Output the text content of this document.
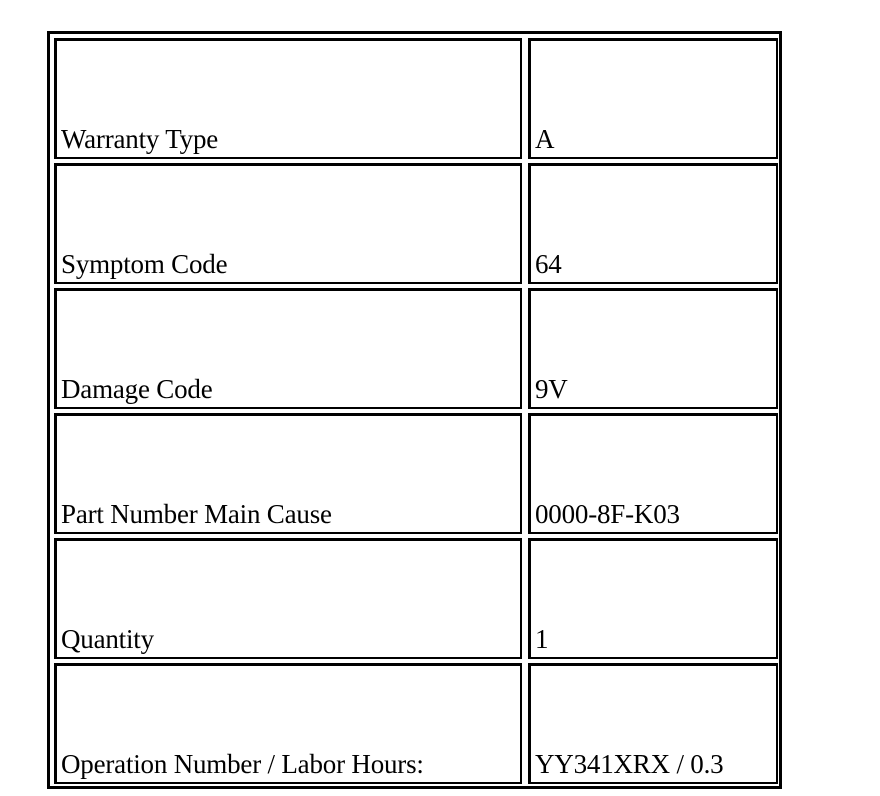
Warranty Type	A
Symptom Code	64
Damage Code	9V
Part Number Main Cause	0000-8F-K03
Quantity	1
Operation Number / Labor Hours:	YY341XRX / 0.3
